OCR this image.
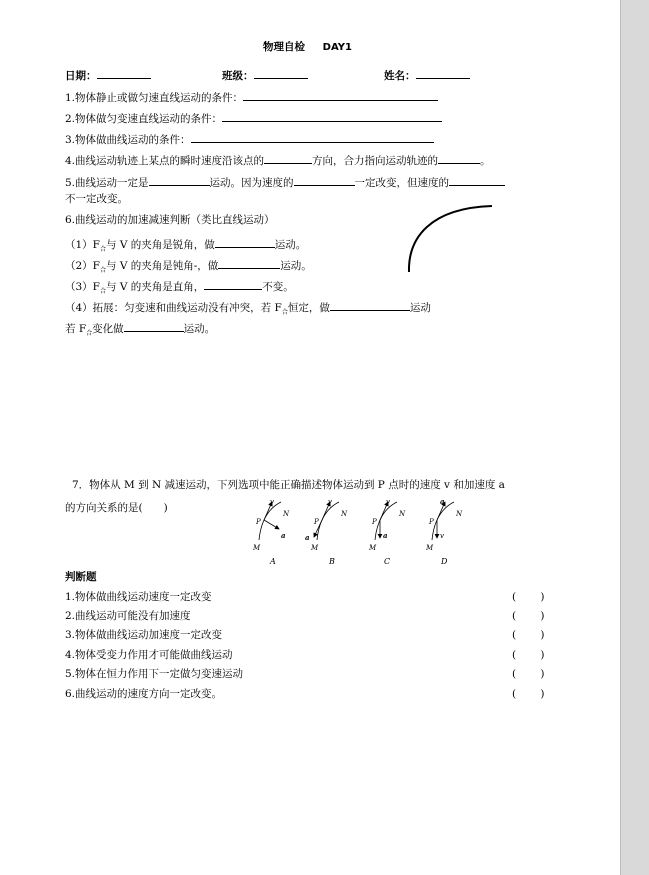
物理自检 DAY1
日期：	班级：	姓名：
1.物体静止或做匀速直线运动的条件：
2.物体做匀变速直线运动的条件：
3.物体做曲线运动的条件：
4.曲线运动轨迹上某点的瞬时速度沿该点的	方向，合力指向运动轨迹的	。
5.曲线运动一定是	运动。因为速度的	一定改变，但速度的
不一定改变。
6.曲线运动的加速减速判断（类比直线运动）
$(1)F_合$与 V 的夹角是锐角，做	运动。
$(2)F_合$与 V 的夹角是钝角-，做	运动。
$(3)F_合$与 V 的夹角是直角，	不变。
（4）拓展：匀变速和曲线运动没有冲突，若 $F_合$恒定，做	运动
若 $F_合$变化做	运动。
7．物体从 M 到 N 减速运动，下列选项中能正确描述物体运动到 P 点时的速度 v 和加速度 a
的方向关系的是(　　)
M
P
N
v
a
A
M
P
N
v
a
B
M
P
N
v
a
C
M
P
N
a
v
D
判断题
1.物体做曲线运动速度一定改变	(　　 )
2.曲线运动可能没有加速度	(　　 )
3.物体做曲线运动加速度一定改变	(　　 )
4.物体受变力作用才可能做曲线运动	(　　 )
5.物体在恒力作用下一定做匀变速运动	(　　 )
6.曲线运动的速度方向一定改变。	(　　 )
